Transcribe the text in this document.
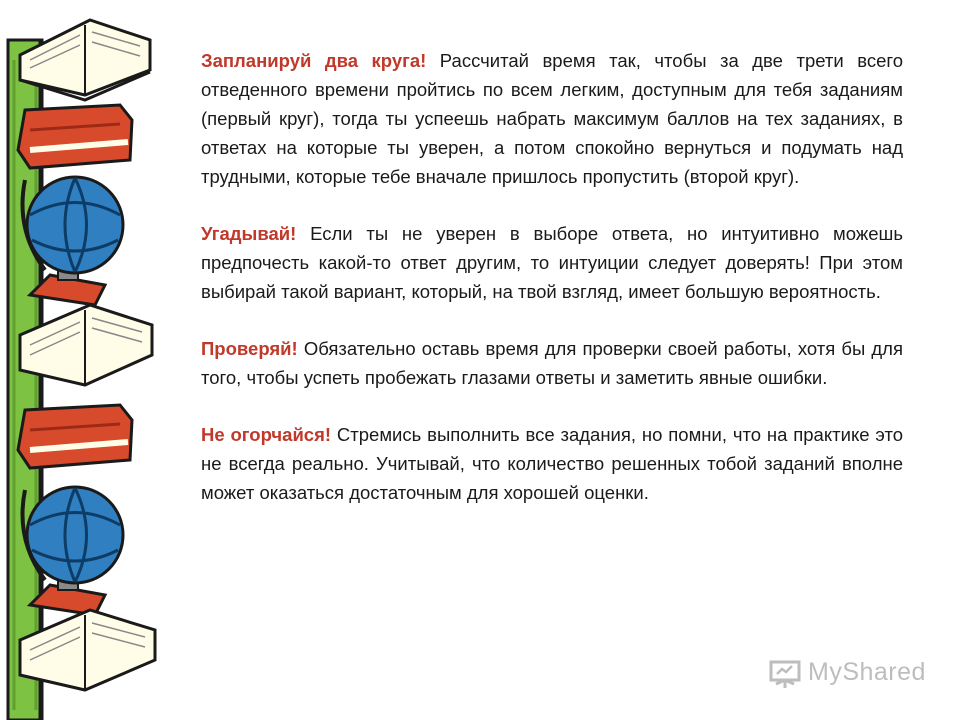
Запланируй два круга! Рассчитай время так, чтобы за две трети всего отведенного времени пройтись по всем легким, доступным для тебя заданиям (первый круг), тогда ты успеешь набрать максимум баллов на тех заданиях, в ответах на которые ты уверен, а потом спокойно вернуться и подумать над трудными, которые тебе вначале пришлось пропустить (второй круг).

Угадывай! Если ты не уверен в выборе ответа, но интуитивно можешь предпочесть какой-то ответ другим, то интуиции следует доверять! При этом выбирай такой вариант, который, на твой взгляд, имеет большую вероятность.

Проверяй! Обязательно оставь время для проверки своей работы, хотя бы для того, чтобы успеть пробежать глазами ответы и заметить явные ошибки.

Не огорчайся! Стремись выполнить все задания, но помни, что на практике это не всегда реально. Учитывай, что количество решенных тобой заданий вполне может оказаться достаточным для хорошей оценки.

MyShared
